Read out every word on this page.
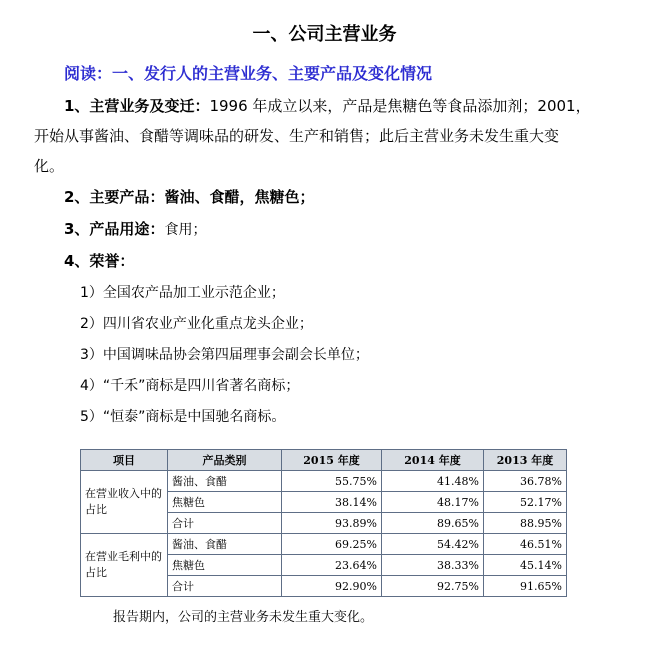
一、公司主营业务
阅读：一、发行人的主营业务、主要产品及变化情况
1、主营业务及变迁：1996 年成立以来，产品是焦糖色等食品添加剂；2001，
开始从事酱油、食醋等调味品的研发、生产和销售；此后主营业务未发生重大变
化。
2、主要产品：酱油、食醋，焦糖色；
3、产品用途：食用；
4、荣誉：
1）全国农产品加工业示范企业；
2）四川省农业产业化重点龙头企业；
3）中国调味品协会第四届理事会副会长单位；
4）“千禾”商标是四川省著名商标；
5）“恒泰”商标是中国驰名商标。
项目	产品类别	2015 年度	2014 年度	2013 年度
在营业收入中的占比	酱油、食醋	55.75%	41.48%	36.78%
	焦糖色	38.14%	48.17%	52.17%
	合计	93.89%	89.65%	88.95%
在营业毛利中的占比	酱油、食醋	69.25%	54.42%	46.51%
	焦糖色	23.64%	38.33%	45.14%
	合计	92.90%	92.75%	91.65%
报告期内，公司的主营业务未发生重大变化。
